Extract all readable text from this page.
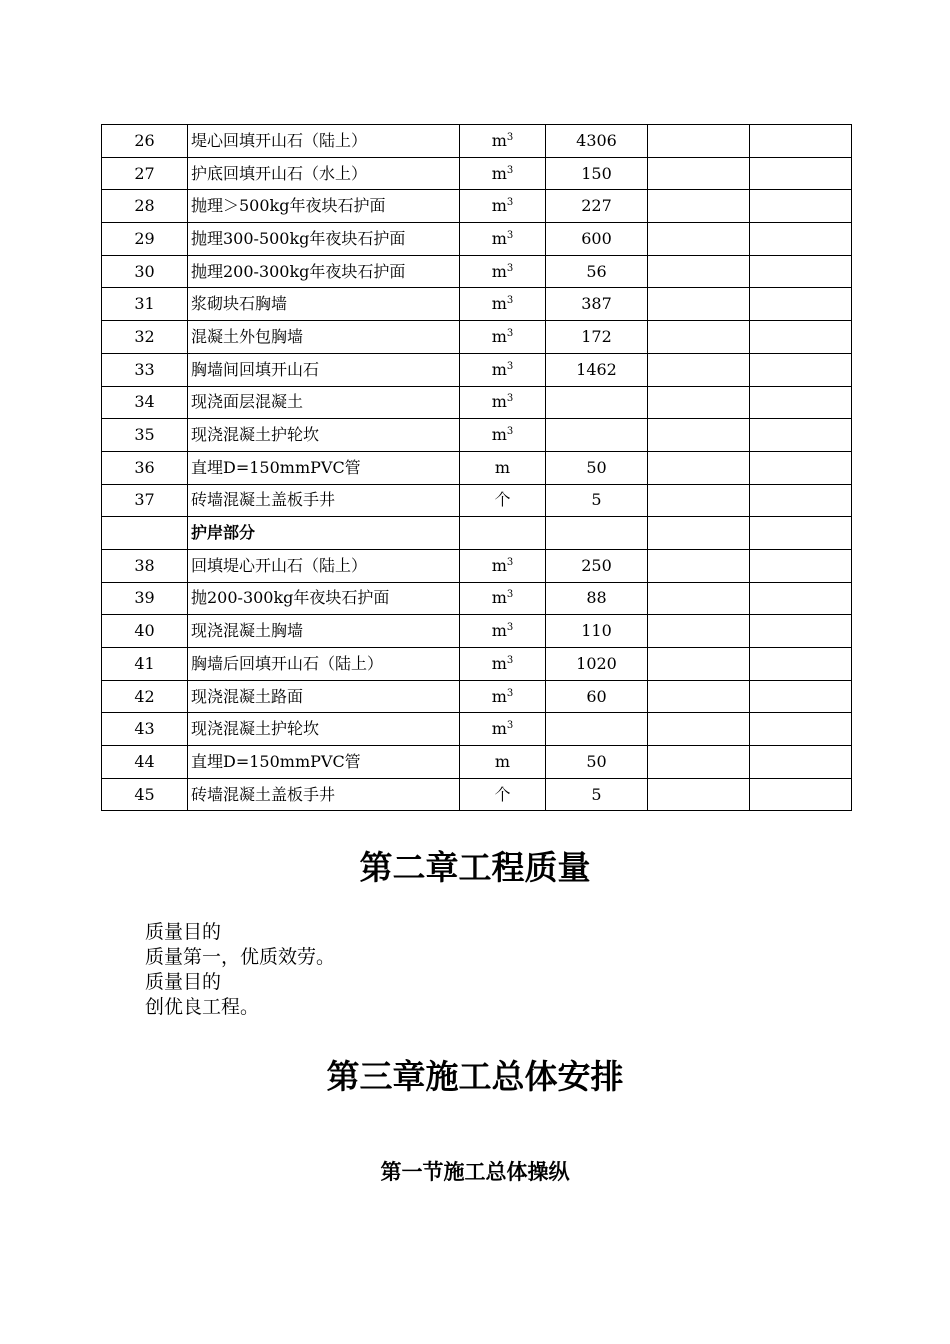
26	堤心回填开山石（陆上）	$m^3$	4306		
27	护底回填开山石（水上）	$m^3$	150		
28	抛理＞500kg年夜块石护面	$m^3$	227		
29	抛理300-500kg年夜块石护面	$m^3$	600		
30	抛理200-300kg年夜块石护面	$m^3$	56		
31	浆砌块石胸墙	$m^3$	387		
32	混凝土外包胸墙	$m^3$	172		
33	胸墙间回填开山石	$m^3$	1462		
34	现浇面层混凝土	$m^3$			
35	现浇混凝土护轮坎	$m^3$			
36	直埋D=150mmPVC管	m	50		
37	砖墙混凝土盖板手井	个	5		
	护岸部分				
38	回填堤心开山石（陆上）	$m^3$	250		
39	抛200-300kg年夜块石护面	$m^3$	88		
40	现浇混凝土胸墙	$m^3$	110		
41	胸墙后回填开山石（陆上）	$m^3$	1020		
42	现浇混凝土路面	$m^3$	60		
43	现浇混凝土护轮坎	$m^3$			
44	直埋D=150mmPVC管	m	50		
45	砖墙混凝土盖板手井	个	5		
第二章工程质量
质量目的
质量第一，优质效劳。
质量目的
创优良工程。
第三章施工总体安排
第一节施工总体操纵
